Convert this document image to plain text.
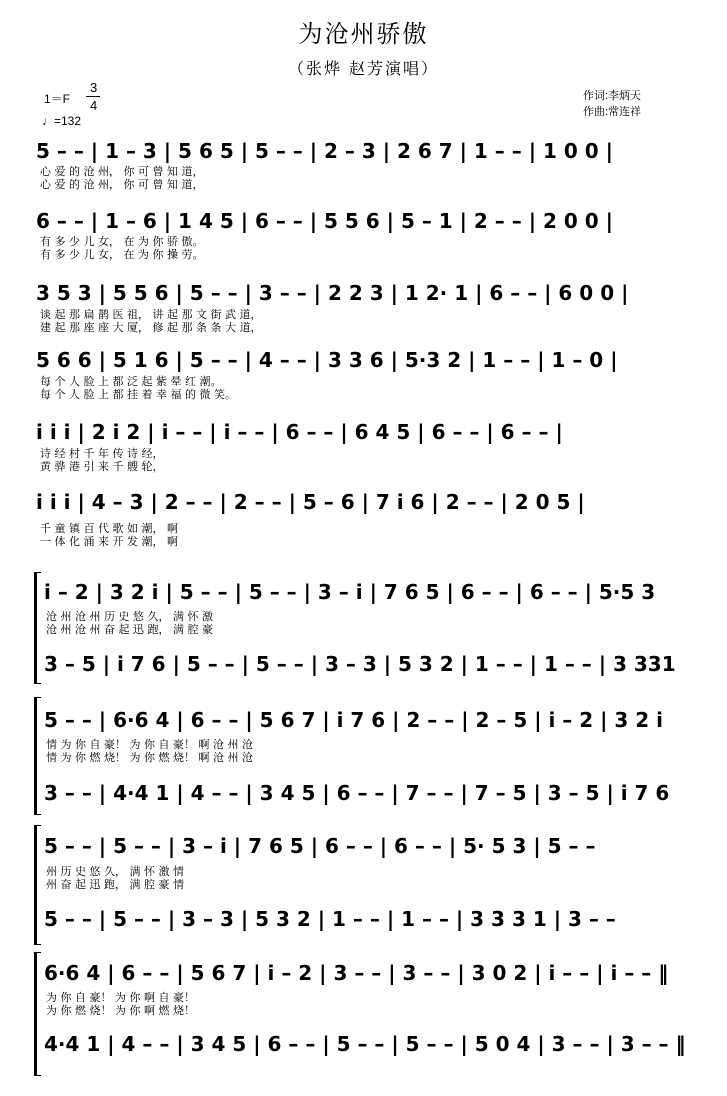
为沧州骄傲
（张烨 赵芳演唱）
1＝F
3
4
♩=132
作词:李炳天
作曲:常连祥
5 – – | 1 – 3 | 5 6 5 | 5 – – | 2 – 3 | 2 6 7 | 1 – – | 1 0 0 |
心 爱 的 沧 州， 你 可 曾 知 道，
心 爱 的 沧 州， 你 可 曾 知 道，
6 – – | 1 – 6 | 1 4 5 | 6 – – | 5 5 6 | 5 – 1 | 2 – – | 2 0 0 |
有 多 少 儿 女， 在 为 你 骄 傲。
有 多 少 儿 女， 在 为 你 操 劳。
3 5 3 | 5 5 6 | 5 – – | 3 – – | 2 2 3 | 1 2· 1 | 6 – – | 6 0 0 |
谈 起 那 扁 鹊 医 祖， 讲 起 那 文 街 武 道，
建 起 那 座 座 大 厦， 修 起 那 条 条 大 道，
5 6 6 | 5 1 6 | 5 – – | 4 – – | 3 3 6 | 5·3 2 | 1 – – | 1 – 0 |
每 个 人 脸 上 都 泛 起 紫 晕 红 潮。
每 个 人 脸 上 都 挂 着 幸 福 的 微 笑。
i i i | 2 i 2 | i – – | i – – | 6 – – | 6 4 5 | 6 – – | 6 – – |
诗 经 村 千 年 传 诗 经，
黄 骅 港 引 来 千 艘 轮，
i i i | 4 – 3 | 2 – – | 2 – – | 5 – 6 | 7 i 6 | 2 – – | 2 0 5 |
千 童 镇 百 代 歌 如 潮， 啊
一 体 化 涌 来 开 发 潮， 啊
i – 2 | 3 2 i | 5 – – | 5 – – | 3 – i | 7 6 5 | 6 – – | 6 – – | 5·5 3
沧 州 沧 州 历 史 悠 久， 满 怀 激
沧 州 沧 州 奋 起 迅 跑， 满 腔 豪
3 – 5 | i 7 6 | 5 – – | 5 – – | 3 – 3 | 5 3 2 | 1 – – | 1 – – | 3 331
5 – – | 6·6 4 | 6 – – | 5 6 7 | i 7 6 | 2 – – | 2 – 5 | i – 2 | 3 2 i
情 为 你 自 豪！ 为 你 自 豪！ 啊 沧 州 沧
情 为 你 燃 烧！ 为 你 燃 烧！ 啊 沧 州 沧
3 – – | 4·4 1 | 4 – – | 3 4 5 | 6 – – | 7 – – | 7 – 5 | 3 – 5 | i 7 6
5 – – | 5 – – | 3 – i | 7 6 5 | 6 – – | 6 – – | 5· 5 3 | 5 – –
州 历 史 悠 久， 满 怀 激 情
州 奋 起 迅 跑， 满 腔 豪 情
5 – – | 5 – – | 3 – 3 | 5 3 2 | 1 – – | 1 – – | 3 3 3 1 | 3 – –
6·6 4 | 6 – – | 5 6 7 | i – 2 | 3 – – | 3 – – | 3 0 2 | i – – | i – – ‖
为 你 自 豪！ 为 你 啊 自 豪！
为 你 燃 烧！ 为 你 啊 燃 烧！
4·4 1 | 4 – – | 3 4 5 | 6 – – | 5 – – | 5 – – | 5 0 4 | 3 – – | 3 – – ‖
